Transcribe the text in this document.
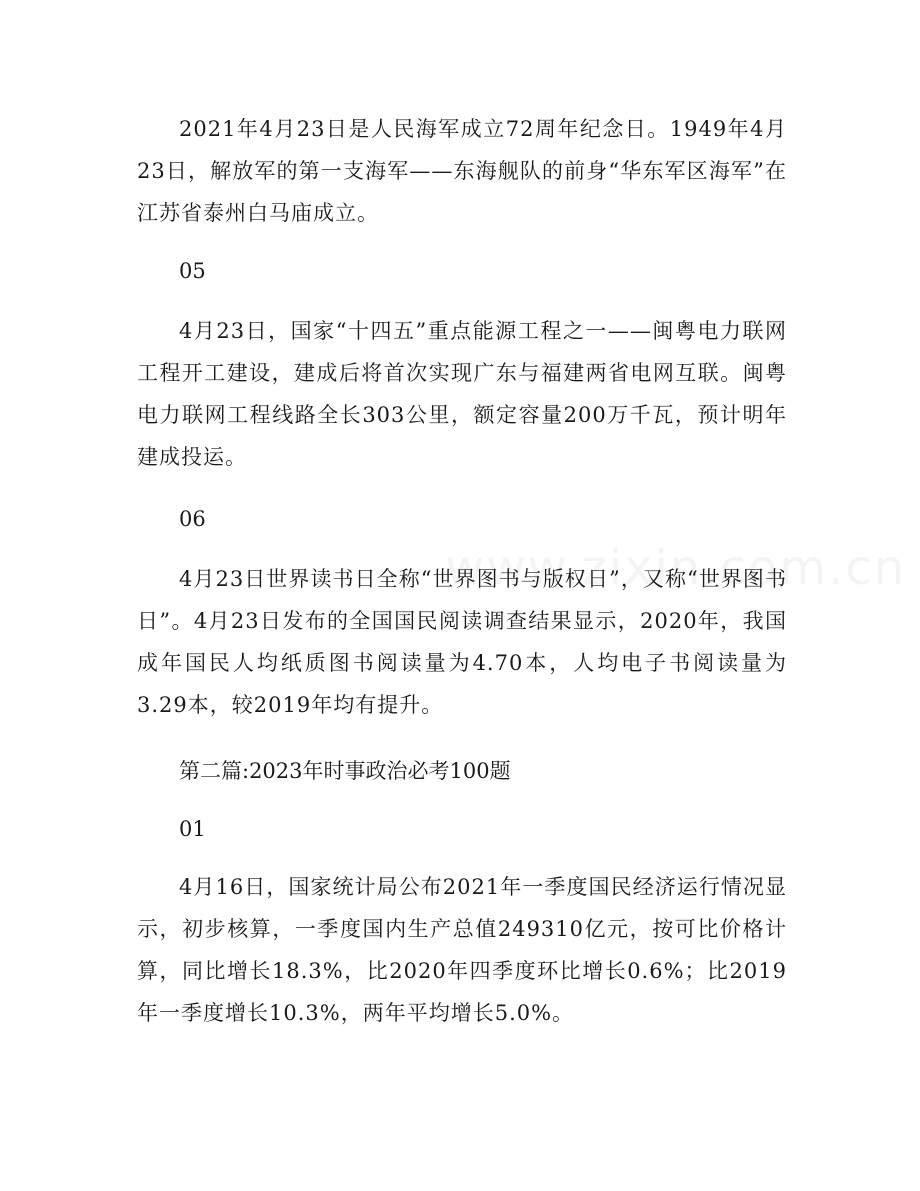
2021年4月23日是人民海军成立72周年纪念日。1949年4月23日，解放军的第一支海军——东海舰队的前身“华东军区海军”在江苏省泰州白马庙成立。

05

4月23日，国家“十四五”重点能源工程之一——闽粤电力联网工程开工建设，建成后将首次实现广东与福建两省电网互联。闽粤电力联网工程线路全长303公里，额定容量200万千瓦，预计明年建成投运。

06

4月23日世界读书日全称“世界图书与版权日”，又称“世界图书日”。4月23日发布的全国国民阅读调查结果显示，2020年，我国成年国民人均纸质图书阅读量为4.70本，人均电子书阅读量为3.29本，较2019年均有提升。

第二篇:2023年时事政治必考100题

01

4月16日，国家统计局公布2021年一季度国民经济运行情况显示，初步核算，一季度国内生产总值249310亿元，按可比价格计算，同比增长18.3%，比2020年四季度环比增长0.6%；比2019年一季度增长10.3%，两年平均增长5.0%。
